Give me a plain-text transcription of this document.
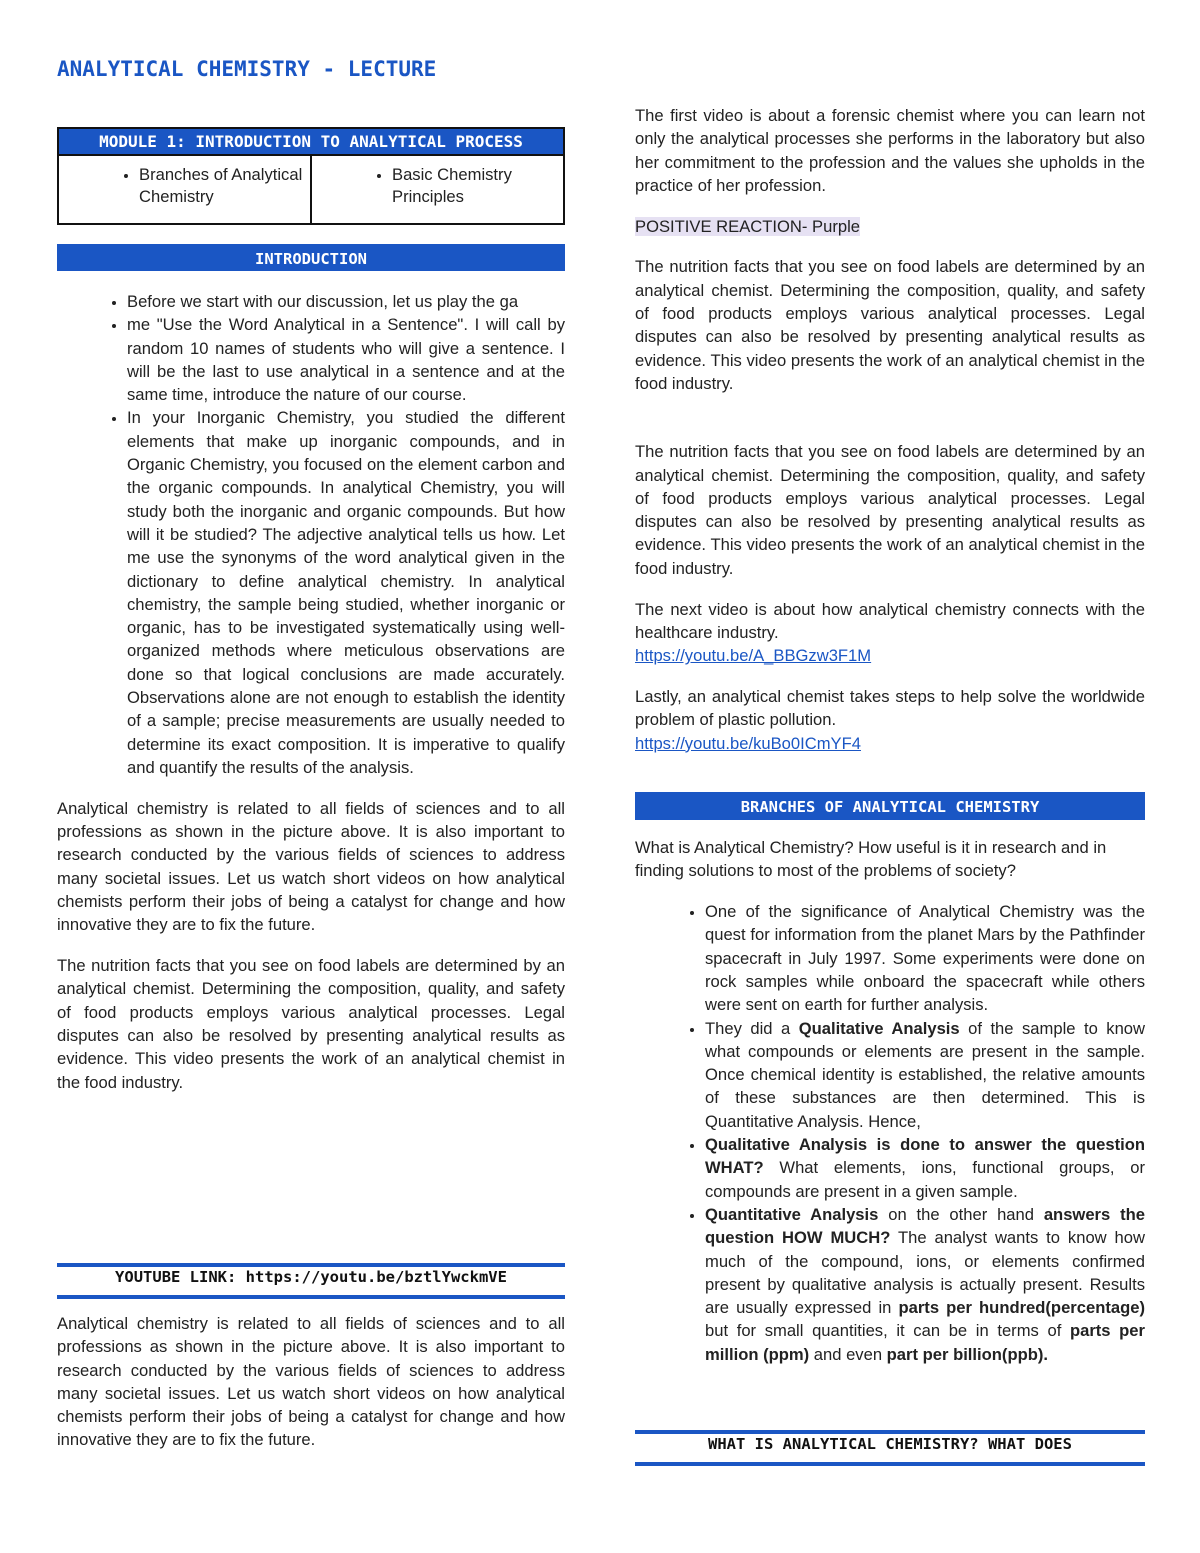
ANALYTICAL CHEMISTRY - LECTURE
MODULE 1: INTRODUCTION TO ANALYTICAL PROCESS
• Branches of Analytical Chemistry
• Basic Chemistry Principles
INTRODUCTION
• Before we start with our discussion, let us play the ga
• me "Use the Word Analytical in a Sentence". I will call by random 10 names of students who will give a sentence. I will be the last to use analytical in a sentence and at the same time, introduce the nature of our course.
• In your Inorganic Chemistry, you studied the different elements that make up inorganic compounds, and in Organic Chemistry, you focused on the element carbon and the organic compounds. In analytical Chemistry, you will study both the inorganic and organic compounds. But how will it be studied? The adjective analytical tells us how. Let me use the synonyms of the word analytical given in the dictionary to define analytical chemistry. In analytical chemistry, the sample being studied, whether inorganic or organic, has to be investigated systematically using well-organized methods where meticulous observations are done so that logical conclusions are made accurately. Observations alone are not enough to establish the identity of a sample; precise measurements are usually needed to determine its exact composition. It is imperative to qualify and quantify the results of the analysis.

Analytical chemistry is related to all fields of sciences and to all professions as shown in the picture above. It is also important to research conducted by the various fields of sciences to address many societal issues. Let us watch short videos on how analytical chemists perform their jobs of being a catalyst for change and how innovative they are to fix the future.

The nutrition facts that you see on food labels are determined by an analytical chemist. Determining the composition, quality, and safety of food products employs various analytical processes. Legal disputes can also be resolved by presenting analytical results as evidence. This video presents the work of an analytical chemist in the food industry.

YOUTUBE LINK: https://youtu.be/bztlYwckmVE

Analytical chemistry is related to all fields of sciences and to all professions as shown in the picture above. It is also important to research conducted by the various fields of sciences to address many societal issues. Let us watch short videos on how analytical chemists perform their jobs of being a catalyst for change and how innovative they are to fix the future.

The first video is about a forensic chemist where you can learn not only the analytical processes she performs in the laboratory but also her commitment to the profession and the values she upholds in the practice of her profession.

POSITIVE REACTION- Purple

The nutrition facts that you see on food labels are determined by an analytical chemist. Determining the composition, quality, and safety of food products employs various analytical processes. Legal disputes can also be resolved by presenting analytical results as evidence. This video presents the work of an analytical chemist in the food industry.

The nutrition facts that you see on food labels are determined by an analytical chemist. Determining the composition, quality, and safety of food products employs various analytical processes. Legal disputes can also be resolved by presenting analytical results as evidence. This video presents the work of an analytical chemist in the food industry.

The next video is about how analytical chemistry connects with the healthcare industry.
https://youtu.be/A_BBGzw3F1M

Lastly, an analytical chemist takes steps to help solve the worldwide problem of plastic pollution.
https://youtu.be/kuBo0ICmYF4

BRANCHES OF ANALYTICAL CHEMISTRY

What is Analytical Chemistry? How useful is it in research and in finding solutions to most of the problems of society?

• One of the significance of Analytical Chemistry was the quest for information from the planet Mars by the Pathfinder spacecraft in July 1997. Some experiments were done on rock samples while onboard the spacecraft while others were sent on earth for further analysis.
• They did a Qualitative Analysis of the sample to know what compounds or elements are present in the sample. Once chemical identity is established, the relative amounts of these substances are then determined. This is Quantitative Analysis. Hence,
• Qualitative Analysis is done to answer the question WHAT? What elements, ions, functional groups, or compounds are present in a given sample.
• Quantitative Analysis on the other hand answers the question HOW MUCH? The analyst wants to know how much of the compound, ions, or elements confirmed present by qualitative analysis is actually present. Results are usually expressed in parts per hundred(percentage) but for small quantities, it can be in terms of parts per million (ppm) and even part per billion(ppb).
WHAT IS ANALYTICAL CHEMISTRY? WHAT DOES
